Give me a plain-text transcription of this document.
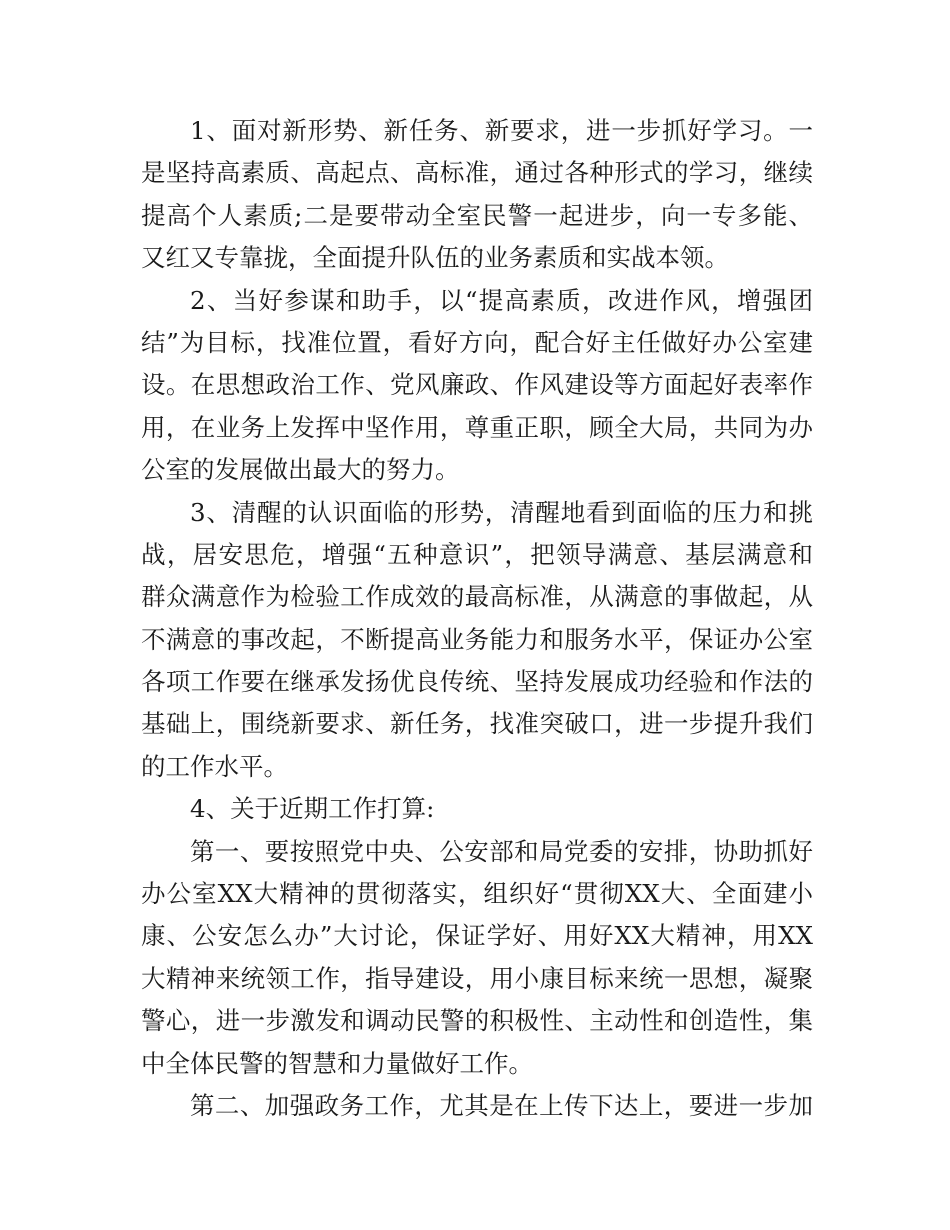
1、面对新形势、新任务、新要求，进一步抓好学习。一
是坚持高素质、高起点、高标准，通过各种形式的学习，继续
提高个人素质;二是要带动全室民警一起进步，向一专多能、
又红又专靠拢，全面提升队伍的业务素质和实战本领。
2、当好参谋和助手，以“提高素质，改进作风，增强团
结”为目标，找准位置，看好方向，配合好主任做好办公室建
设。在思想政治工作、党风廉政、作风建设等方面起好表率作
用，在业务上发挥中坚作用，尊重正职，顾全大局，共同为办
公室的发展做出最大的努力。
3、清醒的认识面临的形势，清醒地看到面临的压力和挑
战，居安思危，增强“五种意识”，把领导满意、基层满意和
群众满意作为检验工作成效的最高标准，从满意的事做起，从
不满意的事改起，不断提高业务能力和服务水平，保证办公室
各项工作要在继承发扬优良传统、坚持发展成功经验和作法的
基础上，围绕新要求、新任务，找准突破口，进一步提升我们
的工作水平。
4、关于近期工作打算:
第一、要按照党中央、公安部和局党委的安排，协助抓好
办公室XX大精神的贯彻落实，组织好“贯彻XX大、全面建小
康、公安怎么办”大讨论，保证学好、用好XX大精神，用XX
大精神来统领工作，指导建设，用小康目标来统一思想，凝聚
警心，进一步激发和调动民警的积极性、主动性和创造性，集
中全体民警的智慧和力量做好工作。
第二、加强政务工作，尤其是在上传下达上，要进一步加
